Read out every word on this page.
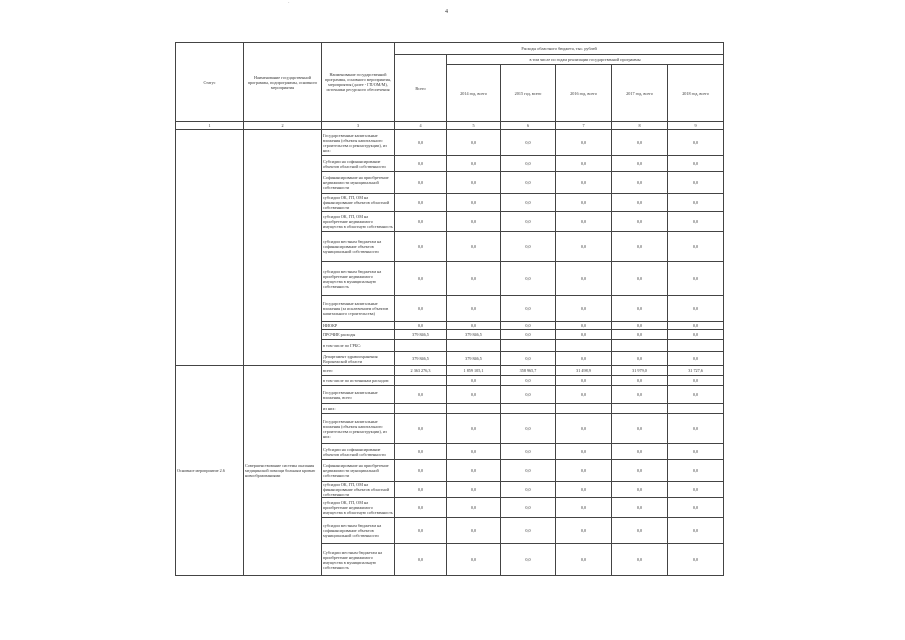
·
4
Статус	Наименование государственной программы, подпрограммы, основного мероприятия	Наименование государственной программы, основного мероприятия, мероприятия (далее - ГП/ОМ/М), источники ресурсного обеспечения	Расходы областного бюджета, тыс. рублей					
			Всего	в том числе по годам реализации государственной программы				
				2014 год, всего	2015 год, всего	2016 год, всего	2017 год, всего	2018 год, всего
1	2	3	4	5	6	7	8	9
		Государственные капитальные вложения (объекты капитального строительства и реконструкции), из них:	0,0	0,0	0,0	0,0	0,0	0,0
		Субсидии на софинансирование объектов областной собственности	0,0	0,0	0,0	0,0	0,0	0,0
		Софинансирование на приобретение недвижимости муниципальной собственности	0,0	0,0	0,0	0,0	0,0	0,0
		субсидии ОК, ГП, ОМ на финансирование объектов областной собственности	0,0	0,0	0,0	0,0	0,0	0,0
		субсидии ОК, ГП, ОМ на приобретение недвижимого имущества в областную собственность	0,0	0,0	0,0	0,0	0,0	0,0
		субсидии местным бюджетам на софинансирование объектов муниципальной собственности	0,0	0,0	0,0	0,0	0,0	0,0
		субсидии местным бюджетам на приобретение недвижимого имущества в муниципальную собственность	0,0	0,0	0,0	0,0	0,0	0,0
		Государственные капитальные вложения (за исключением объектов капитального строительства)	0,0	0,0	0,0	0,0	0,0	0,0
		НИОКР	0,0	0,0	0,0	0,0	0,0	0,0
		ПРОЧИЕ расходы	379 846,5	379 846,5	0,0	0,0	0,0	0,0
		в том числе по ГРБС:						
		Департамент здравоохранения Воронежской области	379 846,5	379 846,5	0,0	0,0	0,0	0,0
Основное мероприятие 2.6	Совершенствование системы оказания медицинской помощи больным кровью новообразованиями	всего	2 363 276,3	1 859 105,1	358 965,7	31 498,9	31 979,0	31 727,6
		в том числе по источникам расходов:		0,0	0,0	0,0	0,0	0,0
		Государственные капитальные вложения, всего	0,0	0,0	0,0	0,0	0,0	0,0
		из них:						
		Государственные капитальные вложения (объекты капитального строительства и реконструкции), из них:	0,0	0,0	0,0	0,0	0,0	0,0
		Субсидии на софинансирование объектов областной собственности	0,0	0,0	0,0	0,0	0,0	0,0
		Софинансирование на приобретение недвижимости муниципальной собственности	0,0	0,0	0,0	0,0	0,0	0,0
		субсидии ОК, ГП, ОМ на финансирование объектов областной собственности	0,0	0,0	0,0	0,0	0,0	0,0
		субсидии ОК, ГП, ОМ на приобретение недвижимого имущества в областную собственность	0,0	0,0	0,0	0,0	0,0	0,0
		субсидии местным бюджетам на софинансирование объектов муниципальной собственности	0,0	0,0	0,0	0,0	0,0	0,0
		Субсидии местным бюджетам на приобретение недвижимого имущества в муниципальную собственность	0,0	0,0	0,0	0,0	0,0	0,0
